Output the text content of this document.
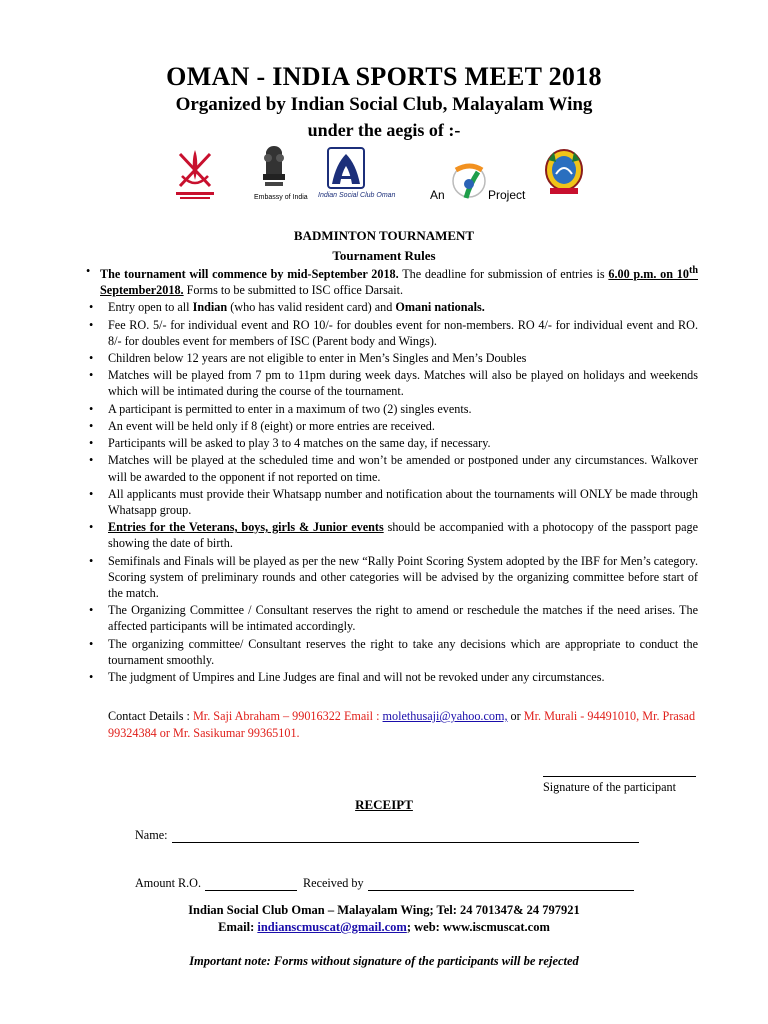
OMAN - INDIA SPORTS MEET 2018
Organized by Indian Social Club, Malayalam Wing
under the aegis of :-
Embassy of India Indian Social Club Oman	An	Project
BADMINTON TOURNAMENT
Tournament Rules
• The tournament will commence by mid-September 2018. The deadline for submission of entries is 6.00 p.m. on 10th September2018. Forms to be submitted to ISC office Darsait.
• Entry open to all Indian (who has valid resident card) and Omani nationals.
• Fee RO. 5/- for individual event and RO 10/- for doubles event for non-members. RO 4/- for individual event and RO. 8/- for doubles event for members of ISC (Parent body and Wings).
• Children below 12 years are not eligible to enter in Men’s Singles and Men’s Doubles
• Matches will be played from 7 pm to 11pm during week days. Matches will also be played on holidays and weekends which will be intimated during the course of the tournament.
• A participant is permitted to enter in a maximum of two (2) singles events.
• An event will be held only if 8 (eight) or more entries are received.
• Participants will be asked to play 3 to 4 matches on the same day, if necessary.
• Matches will be played at the scheduled time and won’t be amended or postponed under any circumstances. Walkover will be awarded to the opponent if not reported on time.
• All applicants must provide their Whatsapp number and notification about the tournaments will ONLY be made through Whatsapp group.
• Entries for the Veterans, boys, girls & Junior events should be accompanied with a photocopy of the passport page showing the date of birth.
• Semifinals and Finals will be played as per the new “Rally Point Scoring System adopted by the IBF for Men’s category. Scoring system of preliminary rounds and other categories will be advised by the organizing committee before start of the match.
• The Organizing Committee / Consultant reserves the right to amend or reschedule the matches if the need arises. The affected participants will be intimated accordingly.
• The organizing committee/ Consultant reserves the right to take any decisions which are appropriate to conduct the tournament smoothly.
• The judgment of Umpires and Line Judges are final and will not be revoked under any circumstances.
Contact Details : Mr. Saji Abraham – 99016322 Email : molethusaji@yahoo.com, or Mr. Murali - 94491010, Mr. Prasad 99324384 or Mr. Sasikumar 99365101.
Signature of the participant
RECEIPT
Name:
Amount R.O.	Received by
Indian Social Club Oman – Malayalam Wing; Tel: 24 701347& 24 797921
Email: indianscmuscat@gmail.com; web: www.iscmuscat.com
Important note: Forms without signature of the participants will be rejected
